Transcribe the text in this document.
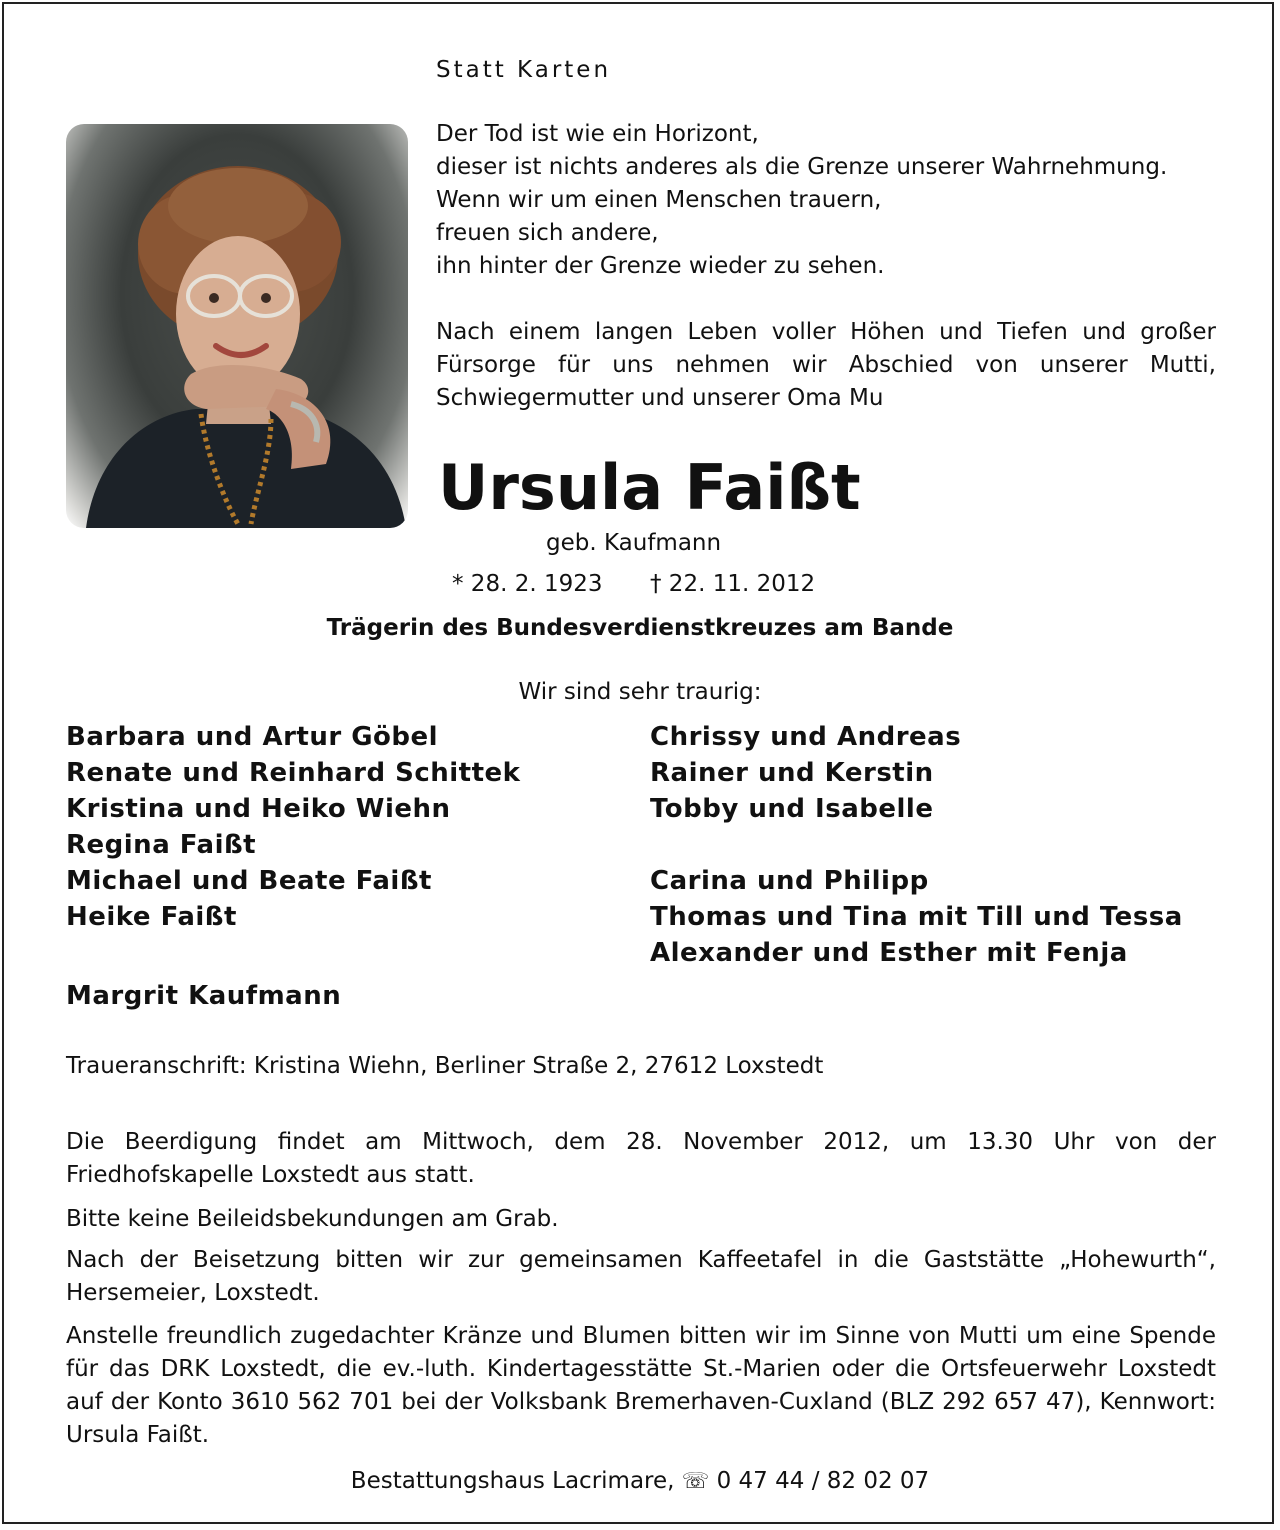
Statt Karten
Der Tod ist wie ein Horizont,
dieser ist nichts anderes als die Grenze unserer Wahrnehmung.
Wenn wir um einen Menschen trauern,
freuen sich andere,
ihn hinter der Grenze wieder zu sehen.
Nach einem langen Leben voller Höhen und Tiefen und großer Fürsorge für uns nehmen wir Abschied von unserer Mutti, Schwiegermutter und unserer Oma Mu
Ursula Faißt
geb. Kaufmann
* 28. 2. 1923 † 22. 11. 2012
Trägerin des Bundesverdienstkreuzes am Bande
Wir sind sehr traurig:
Barbara und Artur Göbel
Renate und Reinhard Schittek
Kristina und Heiko Wiehn
Regina Faißt
Michael und Beate Faißt
Heike Faißt
Chrissy und Andreas
Rainer und Kerstin
Tobby und Isabelle
Carina und Philipp
Thomas und Tina mit Till und Tessa
Alexander und Esther mit Fenja
Margrit Kaufmann
Traueranschrift: Kristina Wiehn, Berliner Straße 2, 27612 Loxstedt
Die Beerdigung findet am Mittwoch, dem 28. November 2012, um 13.30 Uhr von der Friedhofskapelle Loxstedt aus statt.
Bitte keine Beileidsbekundungen am Grab.
Nach der Beisetzung bitten wir zur gemeinsamen Kaffeetafel in die Gaststätte „Hohewurth“, Hersemeier, Loxstedt.
Anstelle freundlich zugedachter Kränze und Blumen bitten wir im Sinne von Mutti um eine Spende für das DRK Loxstedt, die ev.-luth. Kindertagesstätte St.-Marien oder die Ortsfeuerwehr Loxstedt auf der Konto 3610 562 701 bei der Volksbank Bremerhaven-Cuxland (BLZ 292 657 47), Kennwort: Ursula Faißt.
Bestattungshaus Lacrimare, ☏ 0 47 44 / 82 02 07
